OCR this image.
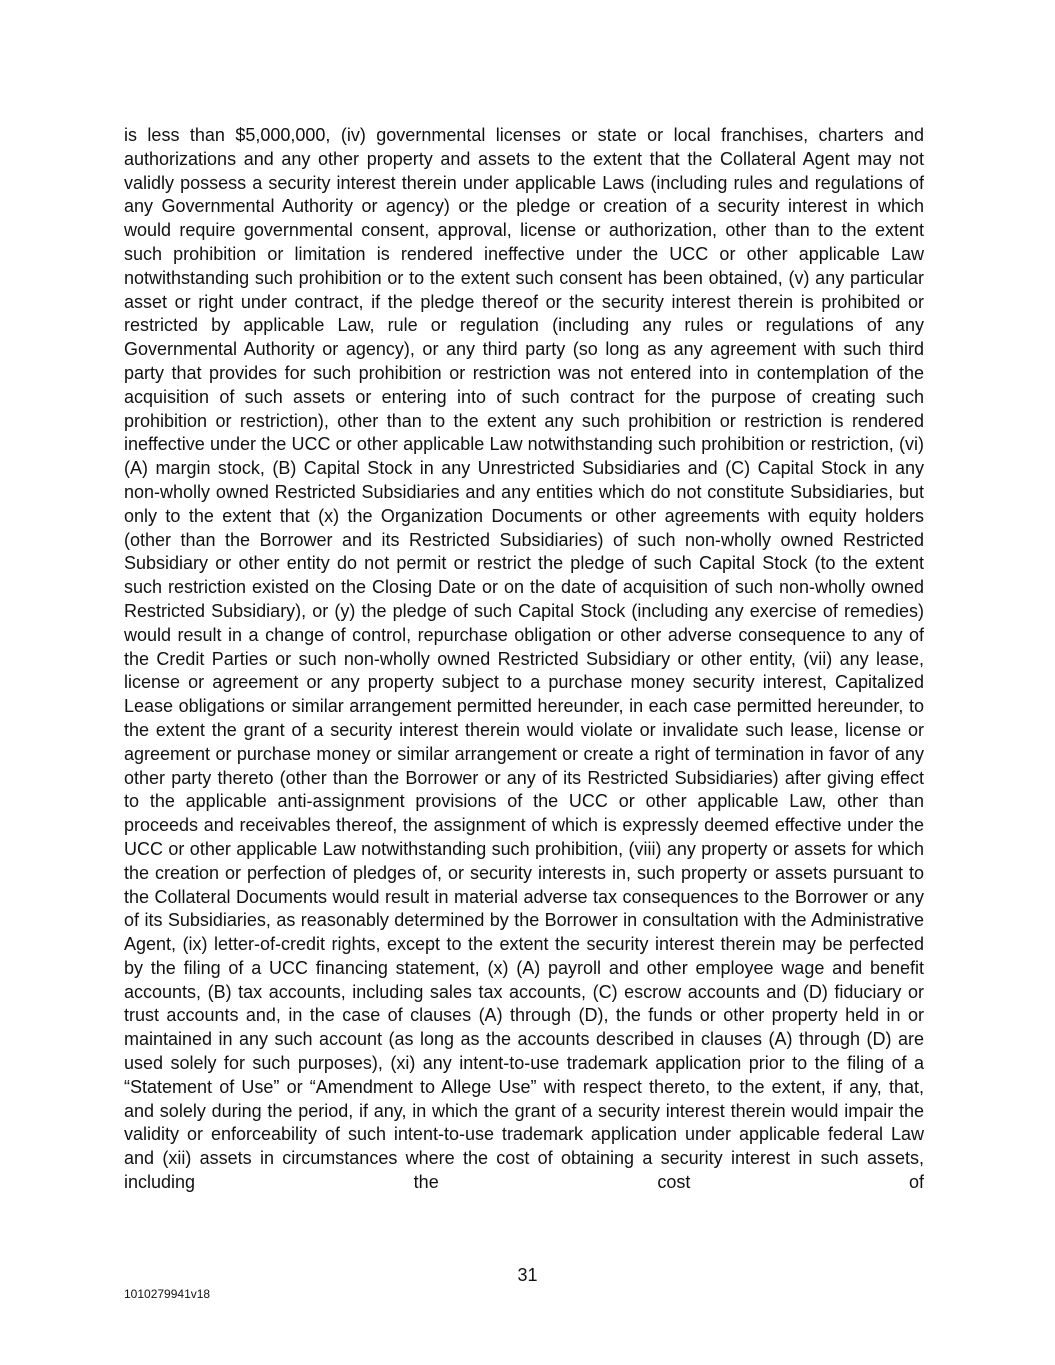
is less than $5,000,000, (iv) governmental licenses or state or local franchises, charters and authorizations and any other property and assets to the extent that the Collateral Agent may not validly possess a security interest therein under applicable Laws (including rules and regulations of any Governmental Authority or agency) or the pledge or creation of a security interest in which would require governmental consent, approval, license or authorization, other than to the extent such prohibition or limitation is rendered ineffective under the UCC or other applicable Law notwithstanding such prohibition or to the extent such consent has been obtained, (v) any particular asset or right under contract, if the pledge thereof or the security interest therein is prohibited or restricted by applicable Law, rule or regulation (including any rules or regulations of any Governmental Authority or agency), or any third party (so long as any agreement with such third party that provides for such prohibition or restriction was not entered into in contemplation of the acquisition of such assets or entering into of such contract for the purpose of creating such prohibition or restriction), other than to the extent any such prohibition or restriction is rendered ineffective under the UCC or other applicable Law notwithstanding such prohibition or restriction, (vi) (A) margin stock, (B) Capital Stock in any Unrestricted Subsidiaries and (C) Capital Stock in any non-wholly owned Restricted Subsidiaries and any entities which do not constitute Subsidiaries, but only to the extent that (x) the Organization Documents or other agreements with equity holders (other than the Borrower and its Restricted Subsidiaries) of such non-wholly owned Restricted Subsidiary or other entity do not permit or restrict the pledge of such Capital Stock (to the extent such restriction existed on the Closing Date or on the date of acquisition of such non-wholly owned Restricted Subsidiary), or (y) the pledge of such Capital Stock (including any exercise of remedies) would result in a change of control, repurchase obligation or other adverse consequence to any of the Credit Parties or such non-wholly owned Restricted Subsidiary or other entity, (vii) any lease, license or agreement or any property subject to a purchase money security interest, Capitalized Lease obligations or similar arrangement permitted hereunder, in each case permitted hereunder, to the extent the grant of a security interest therein would violate or invalidate such lease, license or agreement or purchase money or similar arrangement or create a right of termination in favor of any other party thereto (other than the Borrower or any of its Restricted Subsidiaries) after giving effect to the applicable anti-assignment provisions of the UCC or other applicable Law, other than proceeds and receivables thereof, the assignment of which is expressly deemed effective under the UCC or other applicable Law notwithstanding such prohibition, (viii) any property or assets for which the creation or perfection of pledges of, or security interests in, such property or assets pursuant to the Collateral Documents would result in material adverse tax consequences to the Borrower or any of its Subsidiaries, as reasonably determined by the Borrower in consultation with the Administrative Agent, (ix) letter-of-credit rights, except to the extent the security interest therein may be perfected by the filing of a UCC financing statement, (x) (A) payroll and other employee wage and benefit accounts, (B) tax accounts, including sales tax accounts, (C) escrow accounts and (D) fiduciary or trust accounts and, in the case of clauses (A) through (D), the funds or other property held in or maintained in any such account (as long as the accounts described in clauses (A) through (D) are used solely for such purposes), (xi) any intent-to-use trademark application prior to the filing of a “Statement of Use” or “Amendment to Allege Use” with respect thereto, to the extent, if any, that, and solely during the period, if any, in which the grant of a security interest therein would impair the validity or enforceability of such intent-to-use trademark application under applicable federal Law and (xii) assets in circumstances where the cost of obtaining a security interest in such assets, including the cost of

31
1010279941v18
